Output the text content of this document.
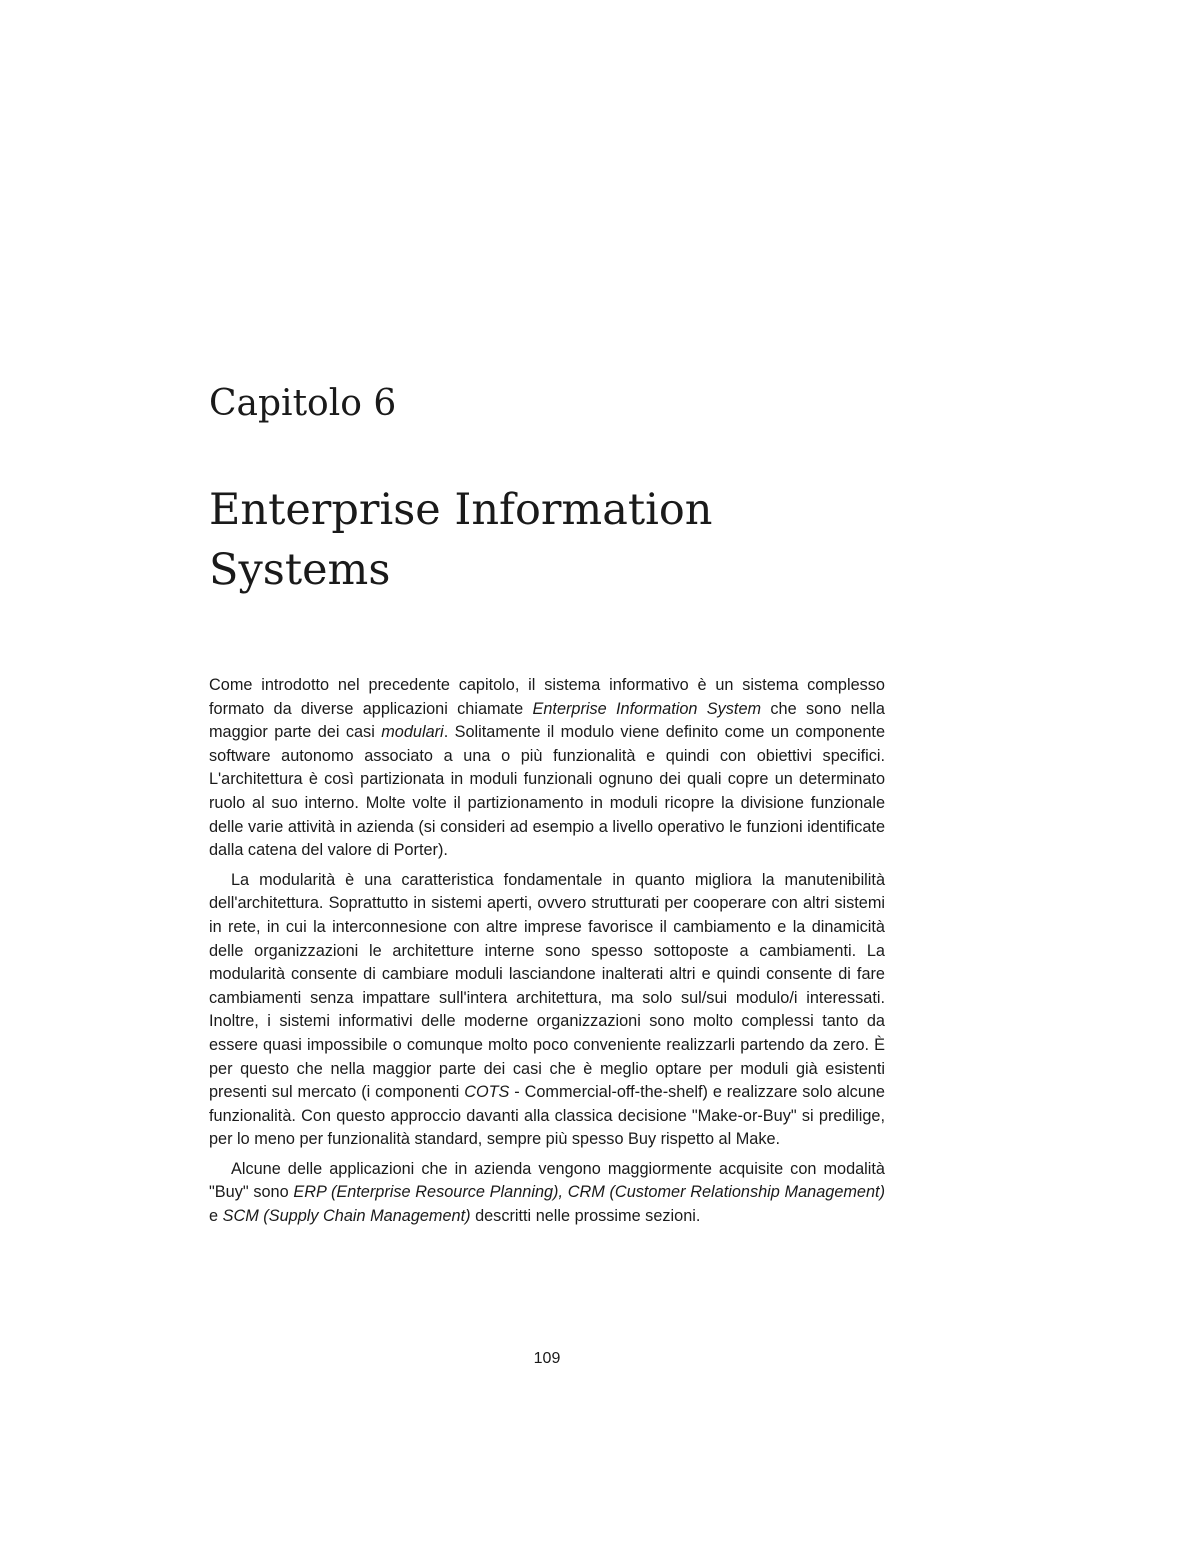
Capitolo 6
Enterprise Information
Systems

Come introdotto nel precedente capitolo, il sistema informativo è un sistema complesso formato da diverse applicazioni chiamate Enterprise Information System che sono nella maggior parte dei casi modulari. Solitamente il modulo viene definito come un componente software autonomo associato a una o più funzionalità e quindi con obiettivi specifici. L'architettura è così partizionata in moduli funzionali ognuno dei quali copre un determinato ruolo al suo interno. Molte volte il partizionamento in moduli ricopre la divisione funzionale delle varie attività in azienda (si consideri ad esempio a livello operativo le funzioni identificate dalla catena del valore di Porter).

La modularità è una caratteristica fondamentale in quanto migliora la manutenibilità dell'architettura. Soprattutto in sistemi aperti, ovvero strutturati per cooperare con altri sistemi in rete, in cui la interconnesione con altre imprese favorisce il cambiamento e la dinamicità delle organizzazioni le architetture interne sono spesso sottoposte a cambiamenti. La modularità consente di cambiare moduli lasciandone inalterati altri e quindi consente di fare cambiamenti senza impattare sull'intera architettura, ma solo sul/sui modulo/i interessati. Inoltre, i sistemi informativi delle moderne organizzazioni sono molto complessi tanto da essere quasi impossibile o comunque molto poco conveniente realizzarli partendo da zero. È per questo che nella maggior parte dei casi che è meglio optare per moduli già esistenti presenti sul mercato (i componenti COTS - Commercial-off-the-shelf) e realizzare solo alcune funzionalità. Con questo approccio davanti alla classica decisione "Make-or-Buy" si predilige, per lo meno per funzionalità standard, sempre più spesso Buy rispetto al Make.

Alcune delle applicazioni che in azienda vengono maggiormente acquisite con modalità "Buy" sono ERP (Enterprise Resource Planning), CRM (Customer Relationship Management) e SCM (Supply Chain Management) descritti nelle prossime sezioni.

109
